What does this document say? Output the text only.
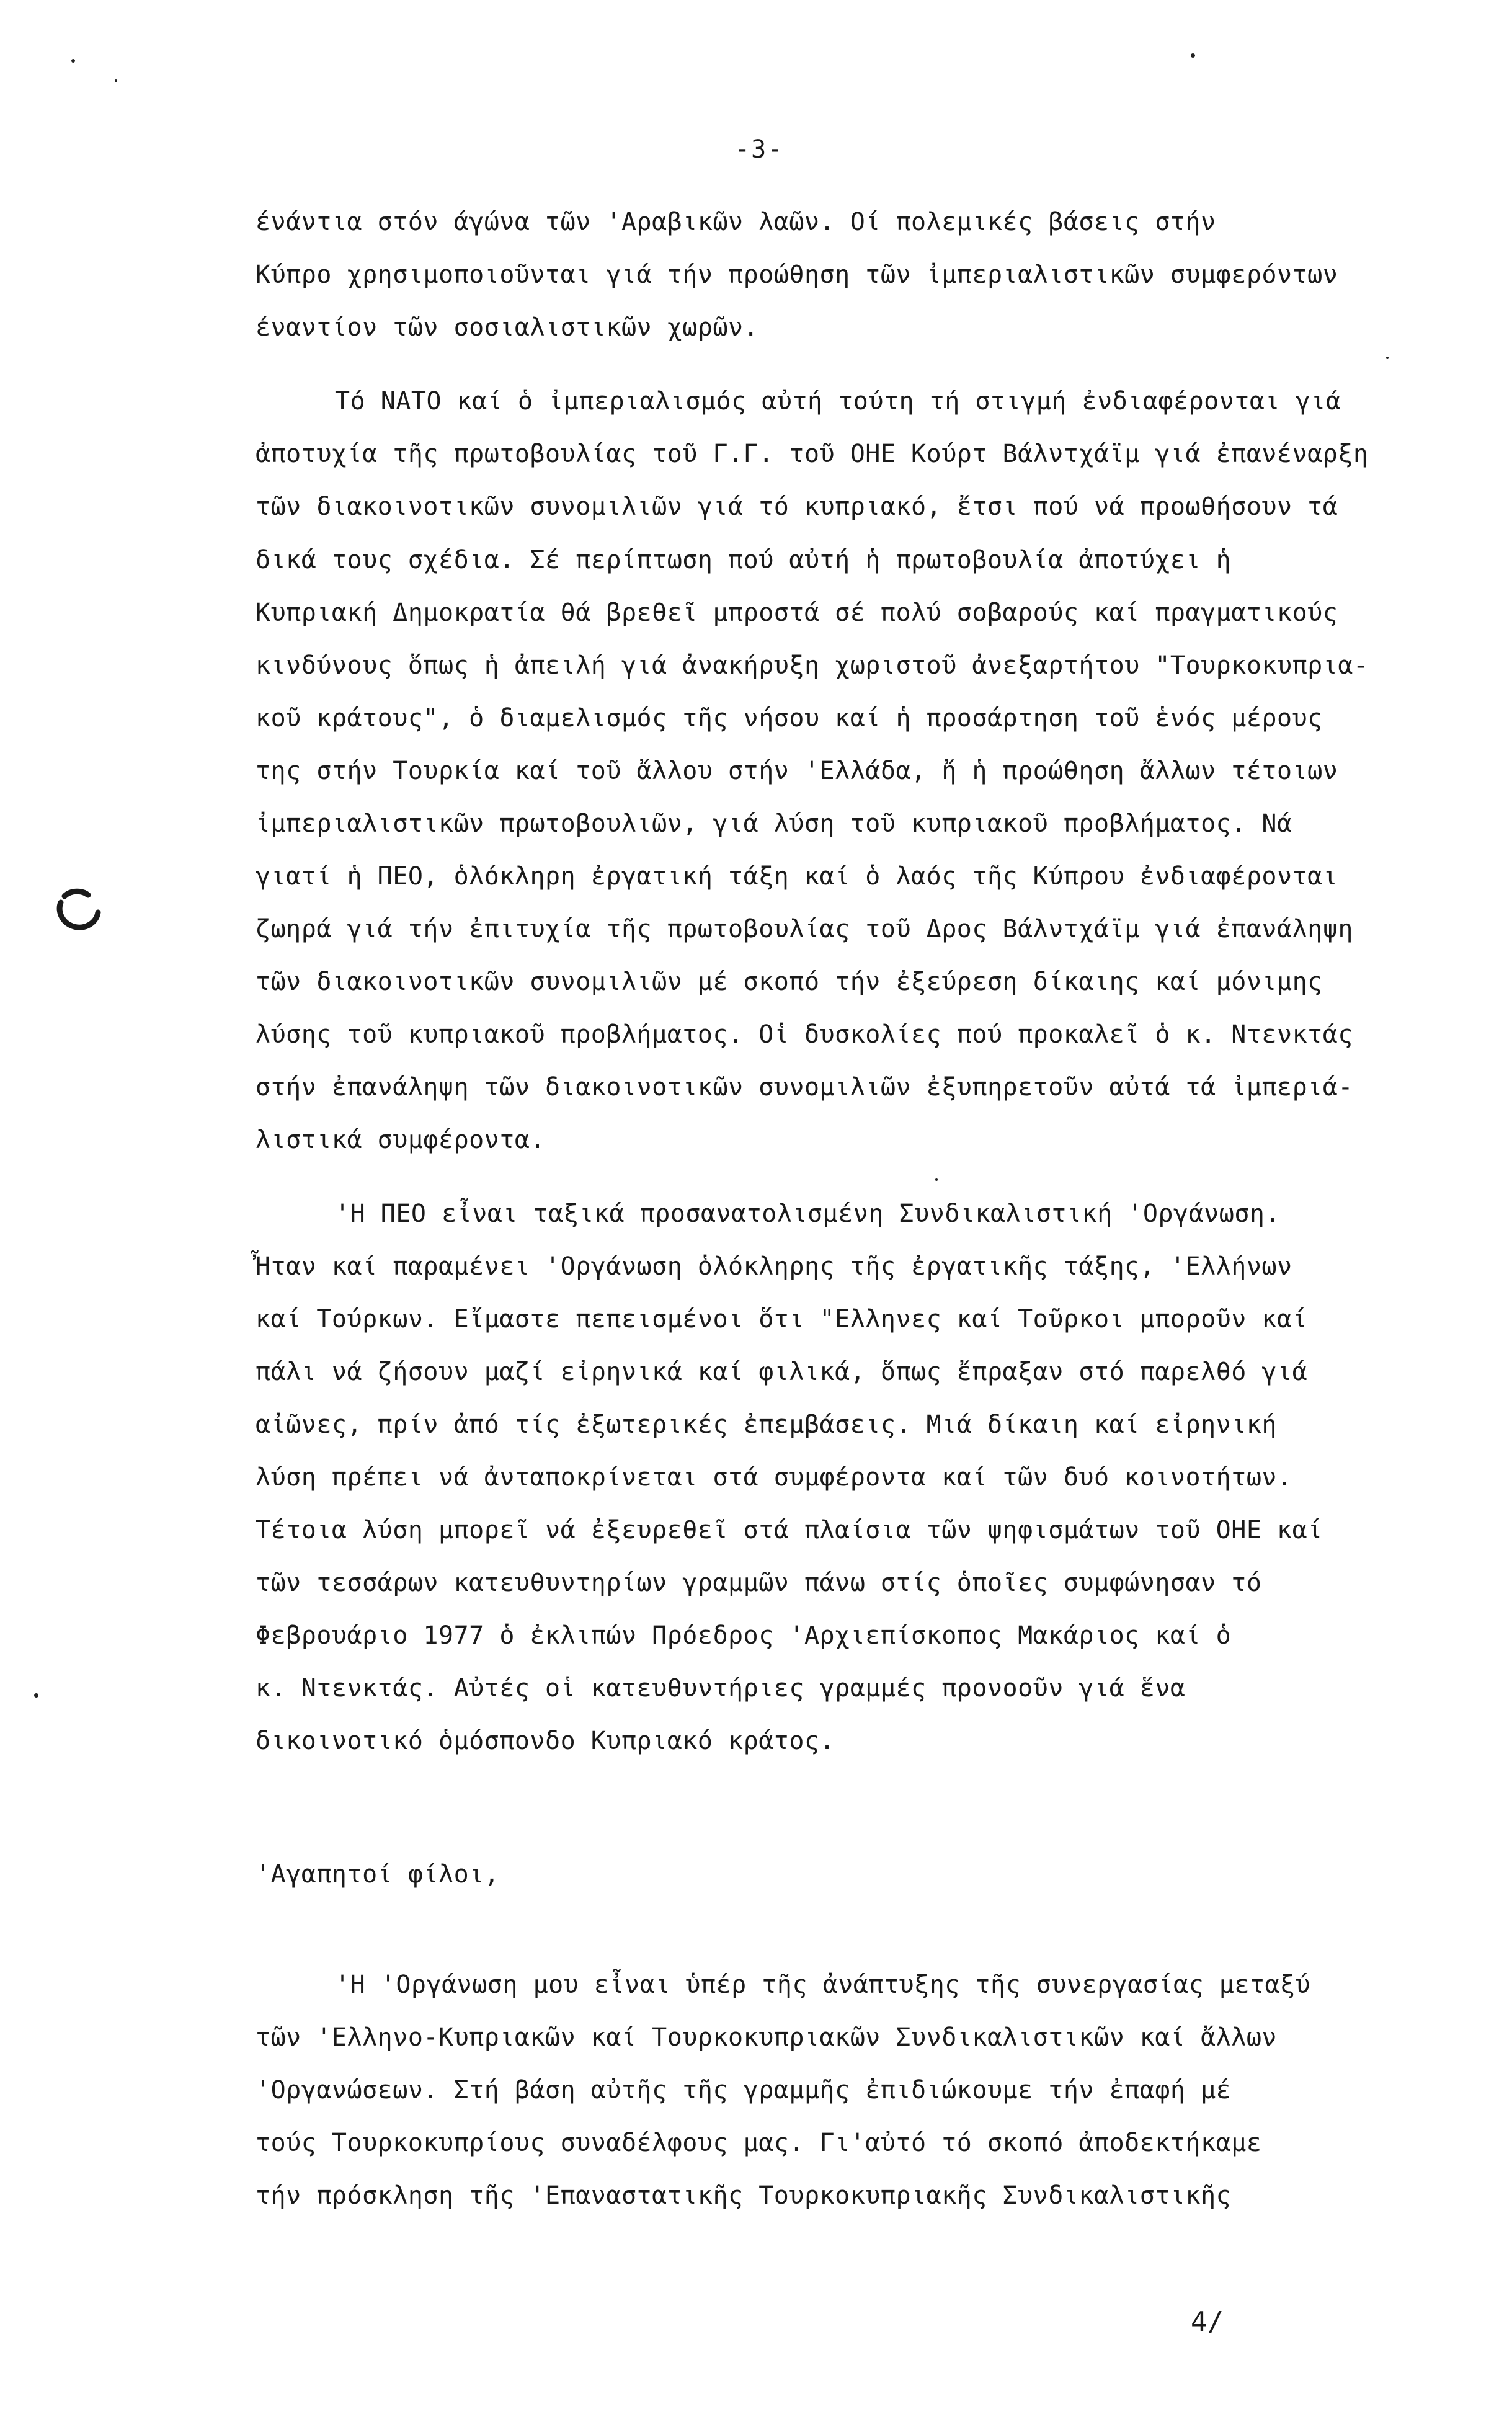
-3-
ένάντια στόν άγώνα τῶν 'Αραβικῶν λαῶν. Οί πολεμικές βάσεις στήν
Κύπρο χρησιμοποιοῦνται γιά τήν προώθηση τῶν ἰμπεριαλιστικῶν συμφερόντων
έναντίον τῶν σοσιαλιστικῶν χωρῶν.
Τό ΝΑΤΟ καί ὁ ἰμπεριαλισμός αὐτή τούτη τή στιγμή ἐνδιαφέρονται γιά
ἀποτυχία τῆς πρωτοβουλίας τοῦ Γ.Γ. τοῦ ΟΗΕ Κούρτ Βάλντχάϊμ γιά ἐπανέναρξη
τῶν διακοινοτικῶν συνομιλιῶν γιά τό κυπριακό, ἔτσι πού νά προωθήσουν τά
δικά τους σχέδια. Σέ περίπτωση πού αὐτή ἡ πρωτοβουλία ἀποτύχει ἡ
Κυπριακή Δημοκρατία θά βρεθεῖ μπροστά σέ πολύ σοβαρούς καί πραγματικούς
κινδύνους ὅπως ἡ ἀπειλή γιά ἀνακήρυξη χωριστοῦ ἀνεξαρτήτου "Τουρκοκυπρια-
κοῦ κράτους", ὁ διαμελισμός τῆς νήσου καί ἡ προσάρτηση τοῦ ἑνός μέρους
της στήν Τουρκία καί τοῦ ἄλλου στήν 'Ελλάδα, ἤ ἡ προώθηση ἄλλων τέτοιων
ἰμπεριαλιστικῶν πρωτοβουλιῶν, γιά λύση τοῦ κυπριακοῦ προβλήματος. Νά
γιατί ἡ ΠΕΟ, ὁλόκληρη ἐργατική τάξη καί ὁ λαός τῆς Κύπρου ἐνδιαφέρονται
ζωηρά γιά τήν ἐπιτυχία τῆς πρωτοβουλίας τοῦ Δρος Βάλντχάϊμ γιά ἐπανάληψη
τῶν διακοινοτικῶν συνομιλιῶν μέ σκοπό τήν ἐξεύρεση δίκαιης καί μόνιμης
λύσης τοῦ κυπριακοῦ προβλήματος. Οἱ δυσκολίες πού προκαλεῖ ὁ κ. Ντενκτάς
στήν ἐπανάληψη τῶν διακοινοτικῶν συνομιλιῶν ἐξυπηρετοῦν αὐτά τά ἰμπεριά-
λιστικά συμφέροντα.
'Η ΠΕΟ εἶναι ταξικά προσανατολισμένη Συνδικαλιστική 'Οργάνωση.
Ἦταν καί παραμένει 'Οργάνωση ὁλόκληρης τῆς ἐργατικῆς τάξης, 'Ελλήνων
καί Τούρκων. Εἴμαστε πεπεισμένοι ὅτι "Ελληνες καί Τοῦρκοι μποροῦν καί
πάλι νά ζήσουν μαζί εἰρηνικά καί φιλικά, ὅπως ἔπραξαν στό παρελθό γιά
αἰῶνες, πρίν ἀπό τίς ἐξωτερικές ἐπεμβάσεις. Μιά δίκαιη καί εἰρηνική
λύση πρέπει νά ἀνταποκρίνεται στά συμφέροντα καί τῶν δυό κοινοτήτων.
Τέτοια λύση μπορεῖ νά ἐξευρεθεῖ στά πλαίσια τῶν ψηφισμάτων τοῦ ΟΗΕ καί
τῶν τεσσάρων κατευθυντηρίων γραμμῶν πάνω στίς ὁποῖες συμφώνησαν τό
Φεβρουάριο 1977 ὁ ἐκλιπών Πρόεδρος 'Αρχιεπίσκοπος Μακάριος καί ὁ
κ. Ντενκτάς. Αὐτές οἱ κατευθυντήριες γραμμές προνοοῦν γιά ἕνα
δικοινοτικό ὁμόσπονδο Κυπριακό κράτος.
'Αγαπητοί φίλοι,
'Η 'Οργάνωση μου εἶναι ὑπέρ τῆς ἀνάπτυξης τῆς συνεργασίας μεταξύ
τῶν 'Ελληνο-Κυπριακῶν καί Τουρκοκυπριακῶν Συνδικαλιστικῶν καί ἄλλων
'Οργανώσεων. Στή βάση αὐτῆς τῆς γραμμῆς ἐπιδιώκουμε τήν ἐπαφή μέ
τούς Τουρκοκυπρίους συναδέλφους μας. Γι'αὐτό τό σκοπό ἀποδεκτήκαμε
τήν πρόσκληση τῆς 'Επαναστατικῆς Τουρκοκυπριακῆς Συνδικαλιστικῆς
4/
